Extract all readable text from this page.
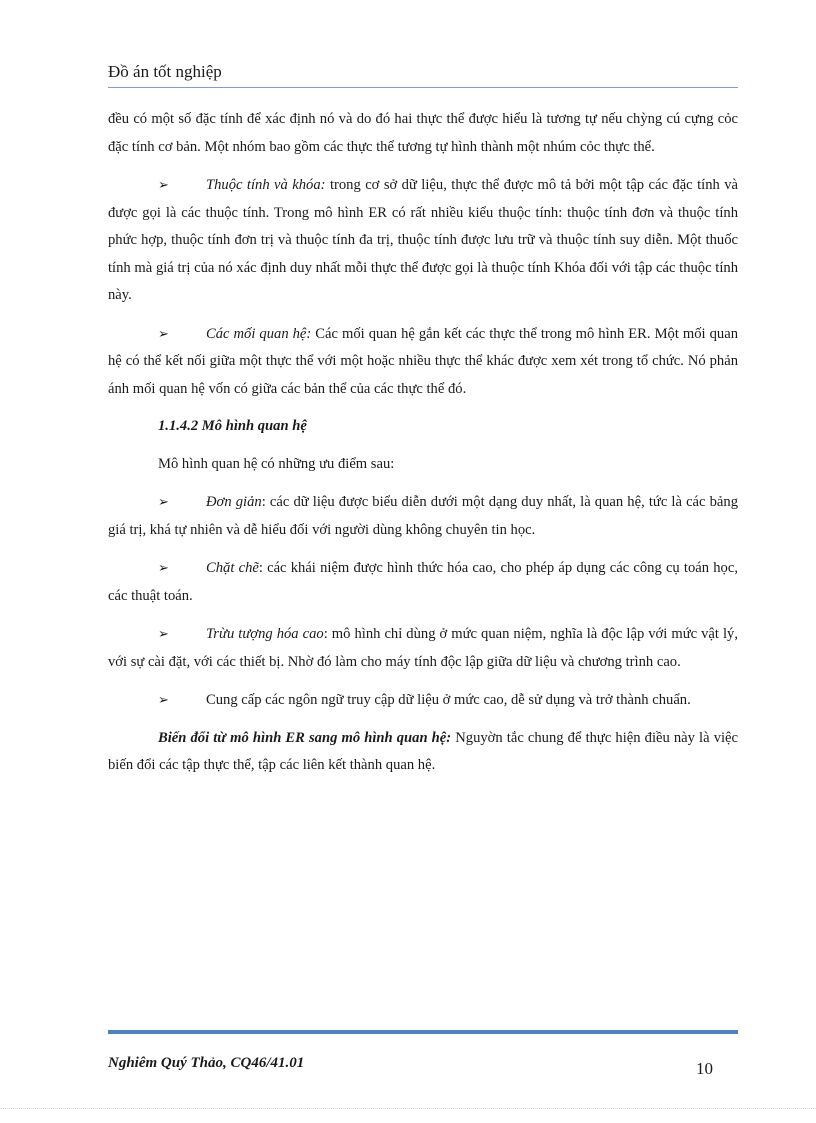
Đồ án tốt nghiệp

đều có một số đặc tính để xác định nó và do đó hai thực thể được hiểu là tương tự nếu chỳng cú cựng cỏc đặc tính cơ bản. Một nhóm bao gồm các thực thể tương tự hình thành một nhúm cỏc thực thể.

➢	Thuộc tính và khóa: trong cơ sở dữ liệu, thực thể được mô tả bởi một tập các đặc tính và được gọi là các thuộc tính. Trong mô hình ER có rất nhiều kiểu thuộc tính: thuộc tính đơn và thuộc tính phức hợp, thuộc tính đơn trị và thuộc tính đa trị, thuộc tính được lưu trữ và thuộc tính suy diễn. Một thuốc tính mà giá trị của nó xác định duy nhất mỗi thực thể được gọi là thuộc tính Khóa đối với tập các thuộc tính này.

➢	Các mối quan hệ: Các mối quan hệ gắn kết các thực thể trong mô hình ER. Một mối quan hệ có thể kết nối giữa một thực thể với một hoặc nhiều thực thể khác được xem xét trong tổ chức. Nó phản ánh mối quan hệ vốn có giữa các bản thể của các thực thể đó.

1.1.4.2 Mô hình quan hệ

Mô hình quan hệ có những ưu điểm sau:

➢	Đơn giản: các dữ liệu được biểu diễn dưới một dạng duy nhất, là quan hệ, tức là các bảng giá trị, khá tự nhiên và dễ hiểu đối với người dùng không chuyên tin học.

➢	Chặt chẽ: các khái niệm được hình thức hóa cao, cho phép áp dụng các công cụ toán học, các thuật toán.

➢	Trừu tượng hóa cao: mô hình chỉ dùng ở mức quan niệm, nghĩa là độc lập với mức vật lý, với sự cài đặt, với các thiết bị. Nhờ đó làm cho máy tính độc lập giữa dữ liệu và chương trình cao.

➢	Cung cấp các ngôn ngữ truy cập dữ liệu ở mức cao, dễ sử dụng và trở thành chuẩn.

Biến đổi từ mô hình ER sang mô hình quan hệ: Nguyờn tắc chung để thực hiện điều này là việc biến đổi các tập thực thể, tập các liên kết thành quan hệ.

Nghiêm Quý Thảo, CQ46/41.01	10
